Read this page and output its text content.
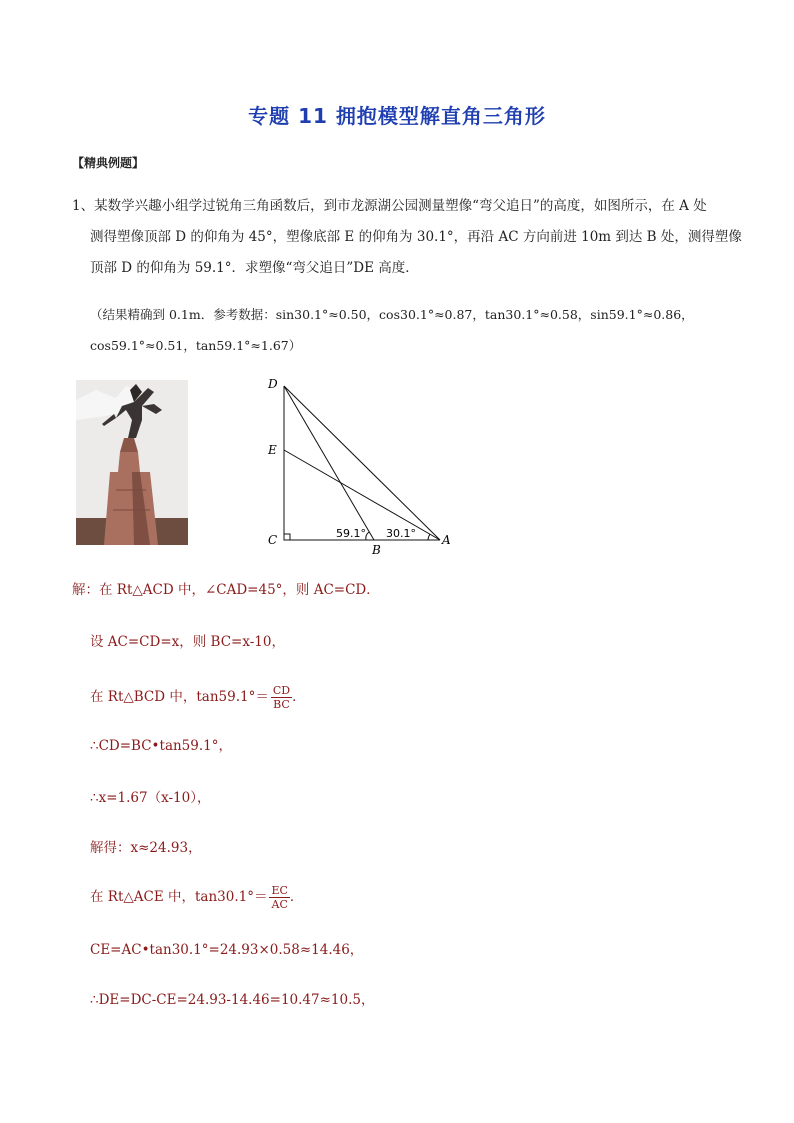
专题 11 拥抱模型解直角三角形
【精典例题】
1、某数学兴趣小组学过锐角三角函数后，到市龙源湖公园测量塑像“弯父追日”的高度，如图所示，在 A 处
测得塑像顶部 D 的仰角为 45°，塑像底部 E 的仰角为 30.1°，再沿 AC 方向前进 10m 到达 B 处，测得塑像
顶部 D 的仰角为 59.1°．求塑像“弯父追日”DE 高度．
（结果精确到 0.1m．参考数据：sin30.1°≈0.50，cos30.1°≈0.87，tan30.1°≈0.58，sin59.1°≈0.86，
cos59.1°≈0.51，tan59.1°≈1.67）
D
E
C
B
A
59.1° 30.1°
解：在 Rt△ACD 中，∠CAD=45°，则 AC=CD．
设 AC=CD=x，则 BC=x-10，
在 Rt△BCD 中，$\tan 59.1^\circ= \frac{CD}{BC}$ ．
∴CD=BC•tan59.1°，
∴x=1.67（x-10），
解得：x≈24.93，
在 Rt△ACE 中，$\tan 30.1^\circ= \frac{EC}{AC}$ ．
CE=AC•tan30.1°=24.93×0.58≈14.46，
∴DE=DC-CE=24.93-14.46=10.47≈10.5，
